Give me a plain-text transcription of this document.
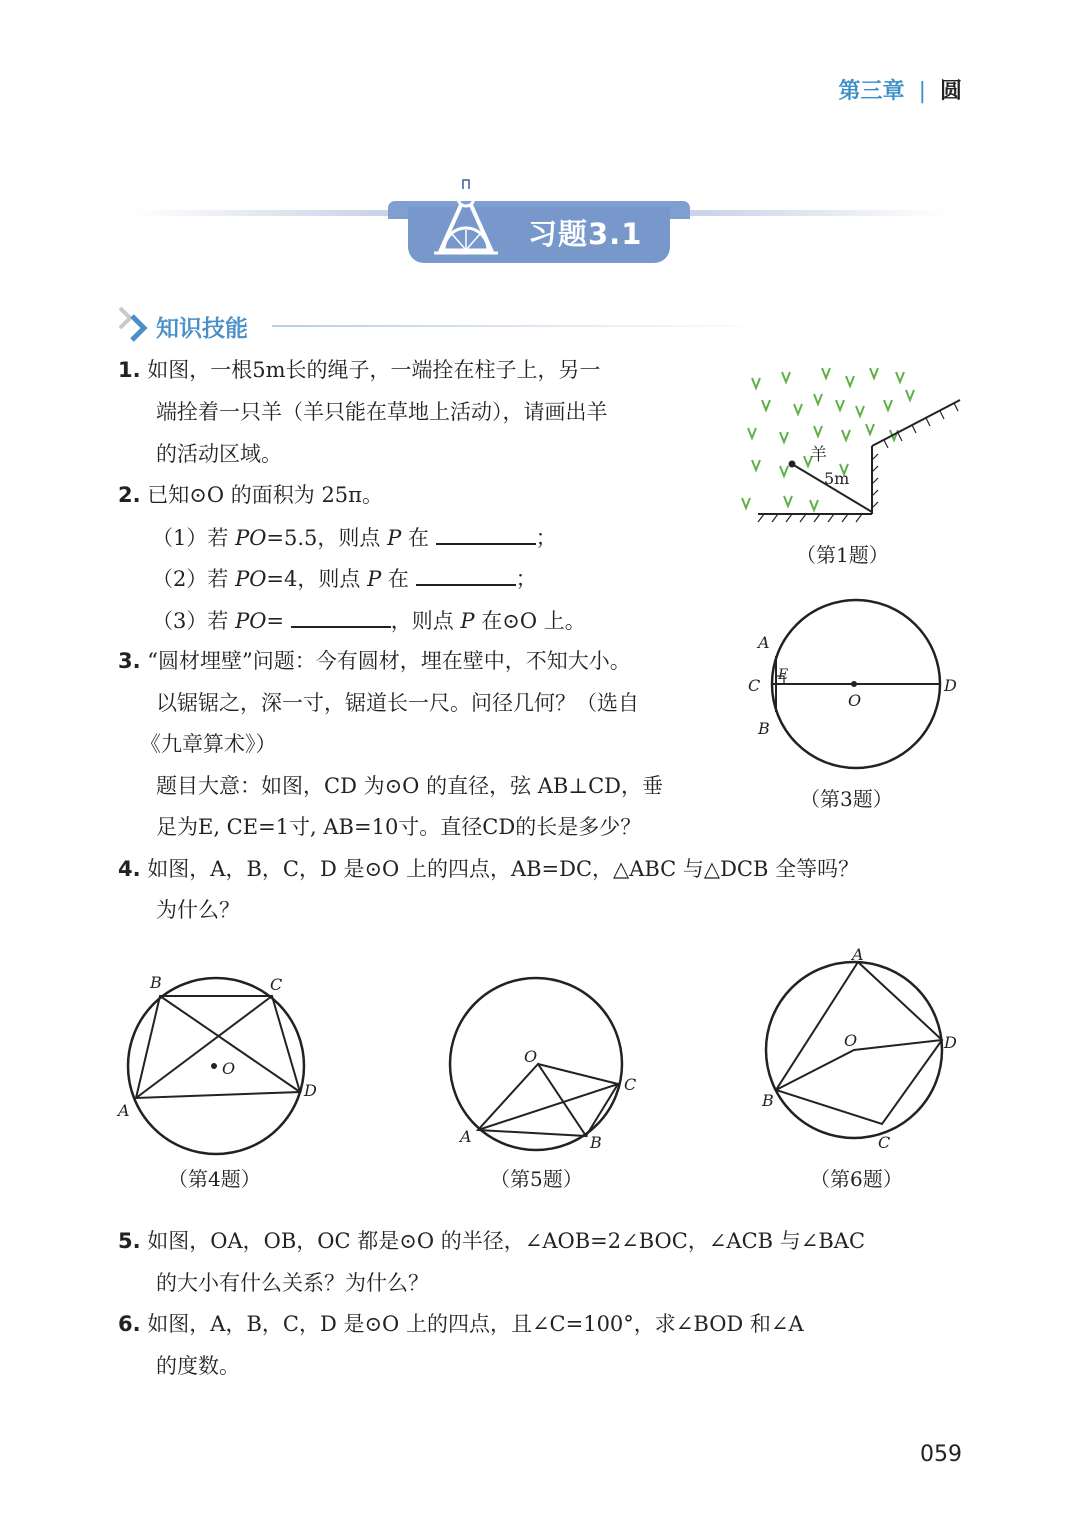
第三章 | 圆
习题3.1
知识技能
1. 如图，一根5m长的绳子，一端拴在柱子上，另一
端拴着一只羊（羊只能在草地上活动），请画出羊
的活动区域。
2. 已知⊙O 的面积为 25π。
（1）若 PO=5.5，则点 P 在	；
（2）若 PO=4，则点 P 在	；
（3）若 PO=	，则点 P 在⊙O 上。
3. “圆材埋壁”问题：今有圆材，埋在壁中，不知大小。
以锯锯之，深一寸，锯道长一尺。问径几何？（选自
《九章算术》）
题目大意：如图，CD 为⊙O 的直径，弦 AB⊥CD，垂
足为E, CE=1寸, AB=10寸。直径CD的长是多少？
4. 如图，A，B，C，D 是⊙O 上的四点，AB=DC，△ABC 与△DCB 全等吗？
为什么？
羊
5m
（第1题）
A
B
C	D
E
O
（第3题）
B	C
D
A
O
（第4题）
O
A	B
C
（第5题）
A
O	D
B
C
（第6题）
5. 如图，OA，OB，OC 都是⊙O 的半径，∠AOB=2∠BOC，∠ACB 与∠BAC
的大小有什么关系？为什么？
6. 如图，A，B，C，D 是⊙O 上的四点，且∠C=100°，求∠BOD 和∠A
的度数。
059
